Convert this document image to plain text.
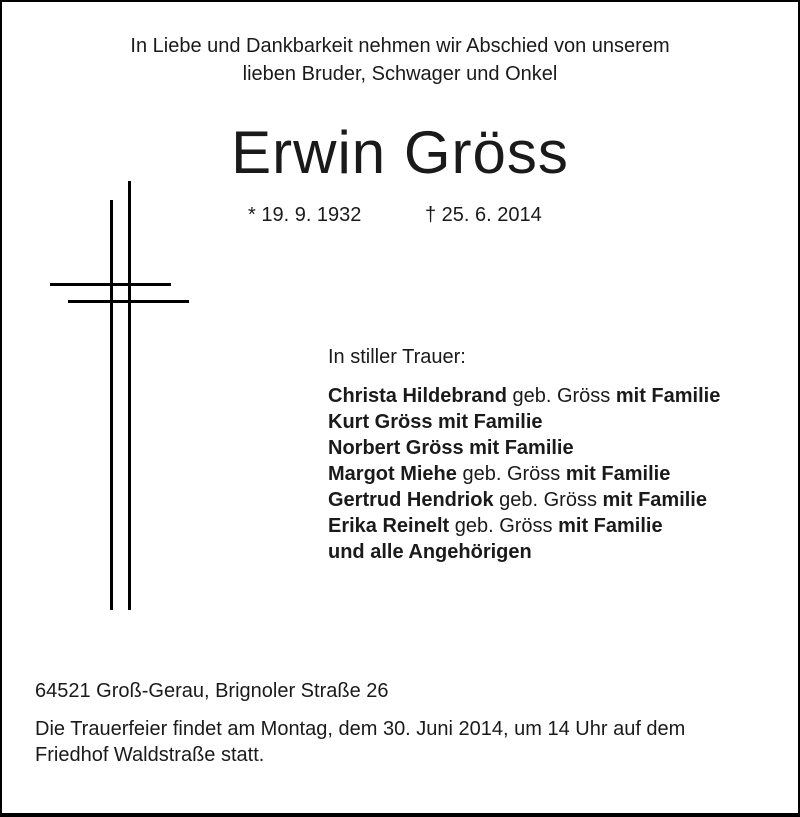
In Liebe und Dankbarkeit nehmen wir Abschied von unserem
lieben Bruder, Schwager und Onkel
Erwin Gröss
* 19. 9. 1932	† 25. 6. 2014
In stiller Trauer:
Christa Hildebrand geb. Gröss mit Familie
Kurt Gröss mit Familie
Norbert Gröss mit Familie
Margot Miehe geb. Gröss mit Familie
Gertrud Hendriok geb. Gröss mit Familie
Erika Reinelt geb. Gröss mit Familie
und alle Angehörigen
64521 Groß-Gerau, Brignoler Straße 26
Die Trauerfeier findet am Montag, dem 30. Juni 2014, um 14 Uhr auf dem
Friedhof Waldstraße statt.
